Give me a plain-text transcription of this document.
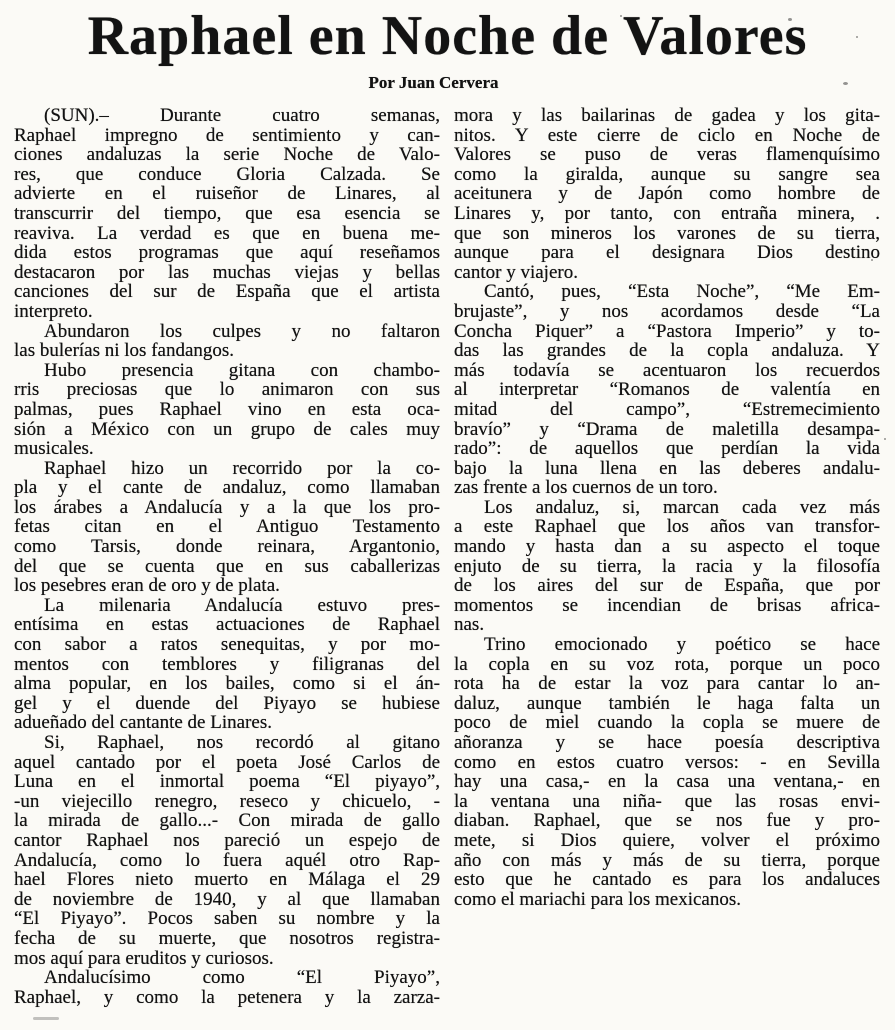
Raphael en Noche de Valores
Por Juan Cervera
(SUN).– Durante cuatro semanas,
Raphael impregno de sentimiento y can-
ciones andaluzas la serie Noche de Valo-
res, que conduce Gloria Calzada. Se
advierte en el ruiseñor de Linares, al
transcurrir del tiempo, que esa esencia se
reaviva. La verdad es que en buena me-
dida estos programas que aquí reseñamos
destacaron por las muchas viejas y bellas
canciones del sur de España que el artista
interpreto.
Abundaron los culpes y no faltaron
las bulerías ni los fandangos.
Hubo presencia gitana con chambo-
rris preciosas que lo animaron con sus
palmas, pues Raphael vino en esta oca-
sión a México con un grupo de cales muy
musicales.
Raphael hizo un recorrido por la co-
pla y el cante de andaluz, como llamaban
los árabes a Andalucía y a la que los pro-
fetas citan en el Antiguo Testamento
como Tarsis, donde reinara, Argantonio,
del que se cuenta que en sus caballerizas
los pesebres eran de oro y de plata.
La milenaria Andalucía estuvo pres-
entísima en estas actuaciones de Raphael
con sabor a ratos senequitas, y por mo-
mentos con temblores y filigranas del
alma popular, en los bailes, como si el án-
gel y el duende del Piyayo se hubiese
adueñado del cantante de Linares.
Si, Raphael, nos recordó al gitano
aquel cantado por el poeta José Carlos de
Luna en el inmortal poema “El piyayo”,
-un viejecillo renegro, reseco y chicuelo, -
la mirada de gallo...- Con mirada de gallo
cantor Raphael nos pareció un espejo de
Andalucía, como lo fuera aquél otro Rap-
hael Flores nieto muerto en Málaga el 29
de noviembre de 1940, y al que llamaban
“El Piyayo”. Pocos saben su nombre y la
fecha de su muerte, que nosotros registra-
mos aquí para eruditos y curiosos.
Andalucísimo como “El Piyayo”,
Raphael, y como la petenera y la zarza-
mora y las bailarinas de gadea y los gita-
nitos. Y este cierre de ciclo en Noche de
Valores se puso de veras flamenquísimo
como la giralda, aunque su sangre sea
aceitunera y de Japón como hombre de
Linares y, por tanto, con entraña minera, .
que son mineros los varones de su tierra,
aunque para el designara Dios destino
cantor y viajero.
Cantó, pues, “Esta Noche”, “Me Em-
brujaste”, y nos acordamos desde “La
Concha Piquer” a “Pastora Imperio” y to-
das las grandes de la copla andaluza. Y
más todavía se acentuaron los recuerdos
al interpretar “Romanos de valentía en
mitad del campo”, “Estremecimiento
bravío” y “Drama de maletilla desampa-
rado”: de aquellos que perdían la vida
bajo la luna llena en las deberes andalu-
zas frente a los cuernos de un toro.
Los andaluz, si, marcan cada vez más
a este Raphael que los años van transfor-
mando y hasta dan a su aspecto el toque
enjuto de su tierra, la racia y la filosofía
de los aires del sur de España, que por
momentos se incendian de brisas africa-
nas.
Trino emocionado y poético se hace
la copla en su voz rota, porque un poco
rota ha de estar la voz para cantar lo an-
daluz, aunque también le haga falta un
poco de miel cuando la copla se muere de
añoranza y se hace poesía descriptiva
como en estos cuatro versos: - en Sevilla
hay una casa,- en la casa una ventana,- en
la ventana una niña- que las rosas envi-
diaban. Raphael, que se nos fue y pro-
mete, si Dios quiere, volver el próximo
año con más y más de su tierra, porque
esto que he cantado es para los andaluces
como el mariachi para los mexicanos.
